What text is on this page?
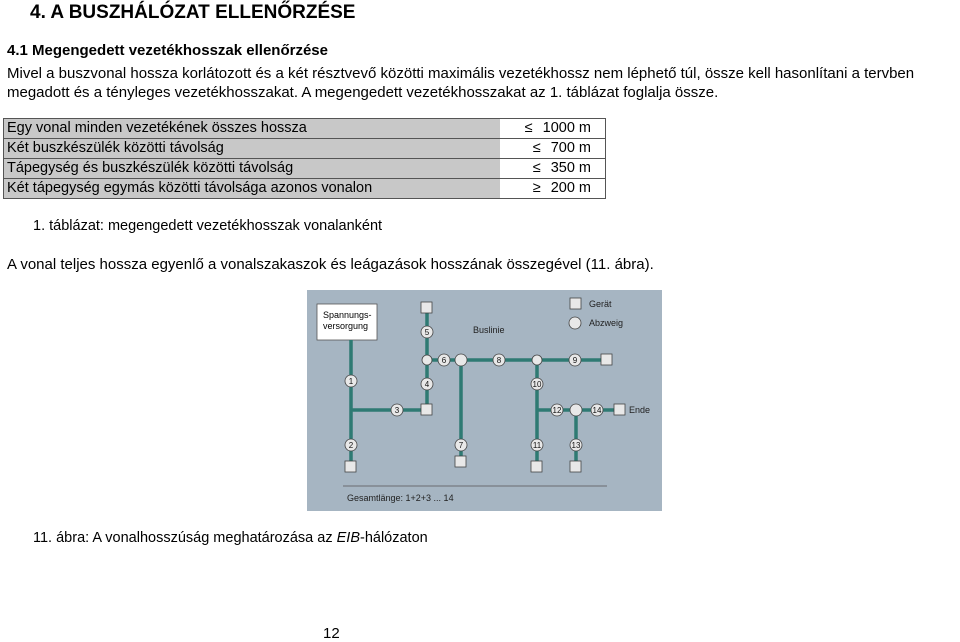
4. A BUSZHÁLÓZAT ELLENŐRZÉSE
4.1 Megengedett vezetékhosszak ellenőrzése
Mivel a buszvonal hossza korlátozott és a két résztvevő közötti maximális vezetékhossz nem léphető túl, össze kell hasonlítani a tervben
megadott és a tényleges vezetékhosszakat. A megengedett vezetékhosszakat az 1. táblázat foglalja össze.
Egy vonal minden vezetékének összes hossza	≤ 1000 m
Két buszkészülék közötti távolság	≤ 700 m
Tápegység és buszkészülék közötti távolság	≤ 350 m
Két tápegység egymás közötti távolsága azonos vonalon	≥ 200 m
1. táblázat: megengedett vezetékhosszak vonalanként
A vonal teljes hossza egyenlő a vonalszakaszok és leágazások hosszának összegével (11. ábra).
Spannungs-
versorgung
1
2
3
4
5
6
7
8	9
10
11
12
13
14
Buslinie
Gerät
Abzweig
Ende
Gesamtlänge: 1+2+3 ... 14
11. ábra: A vonalhosszúság meghatározása az EIB-hálózaton
12
